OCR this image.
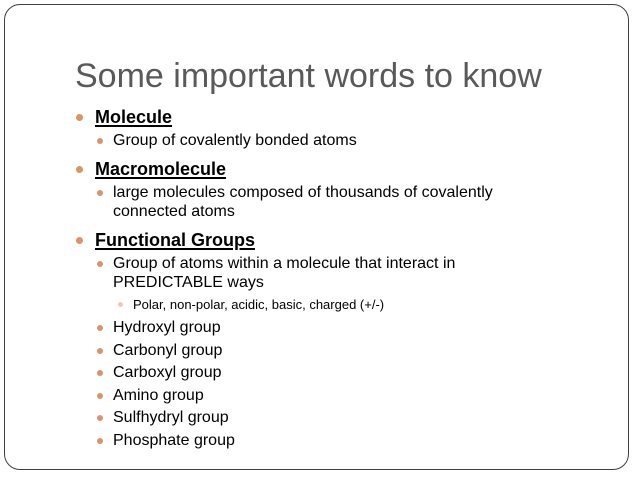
Some important words to know
Molecule
Group of covalently bonded atoms
Macromolecule
large molecules composed of thousands of covalently connected atoms
Functional Groups
Group of atoms within a molecule that interact in PREDICTABLE ways
Polar, non-polar, acidic, basic, charged (+/-)
Hydroxyl group
Carbonyl group
Carboxyl group
Amino group
Sulfhydryl group
Phosphate group
